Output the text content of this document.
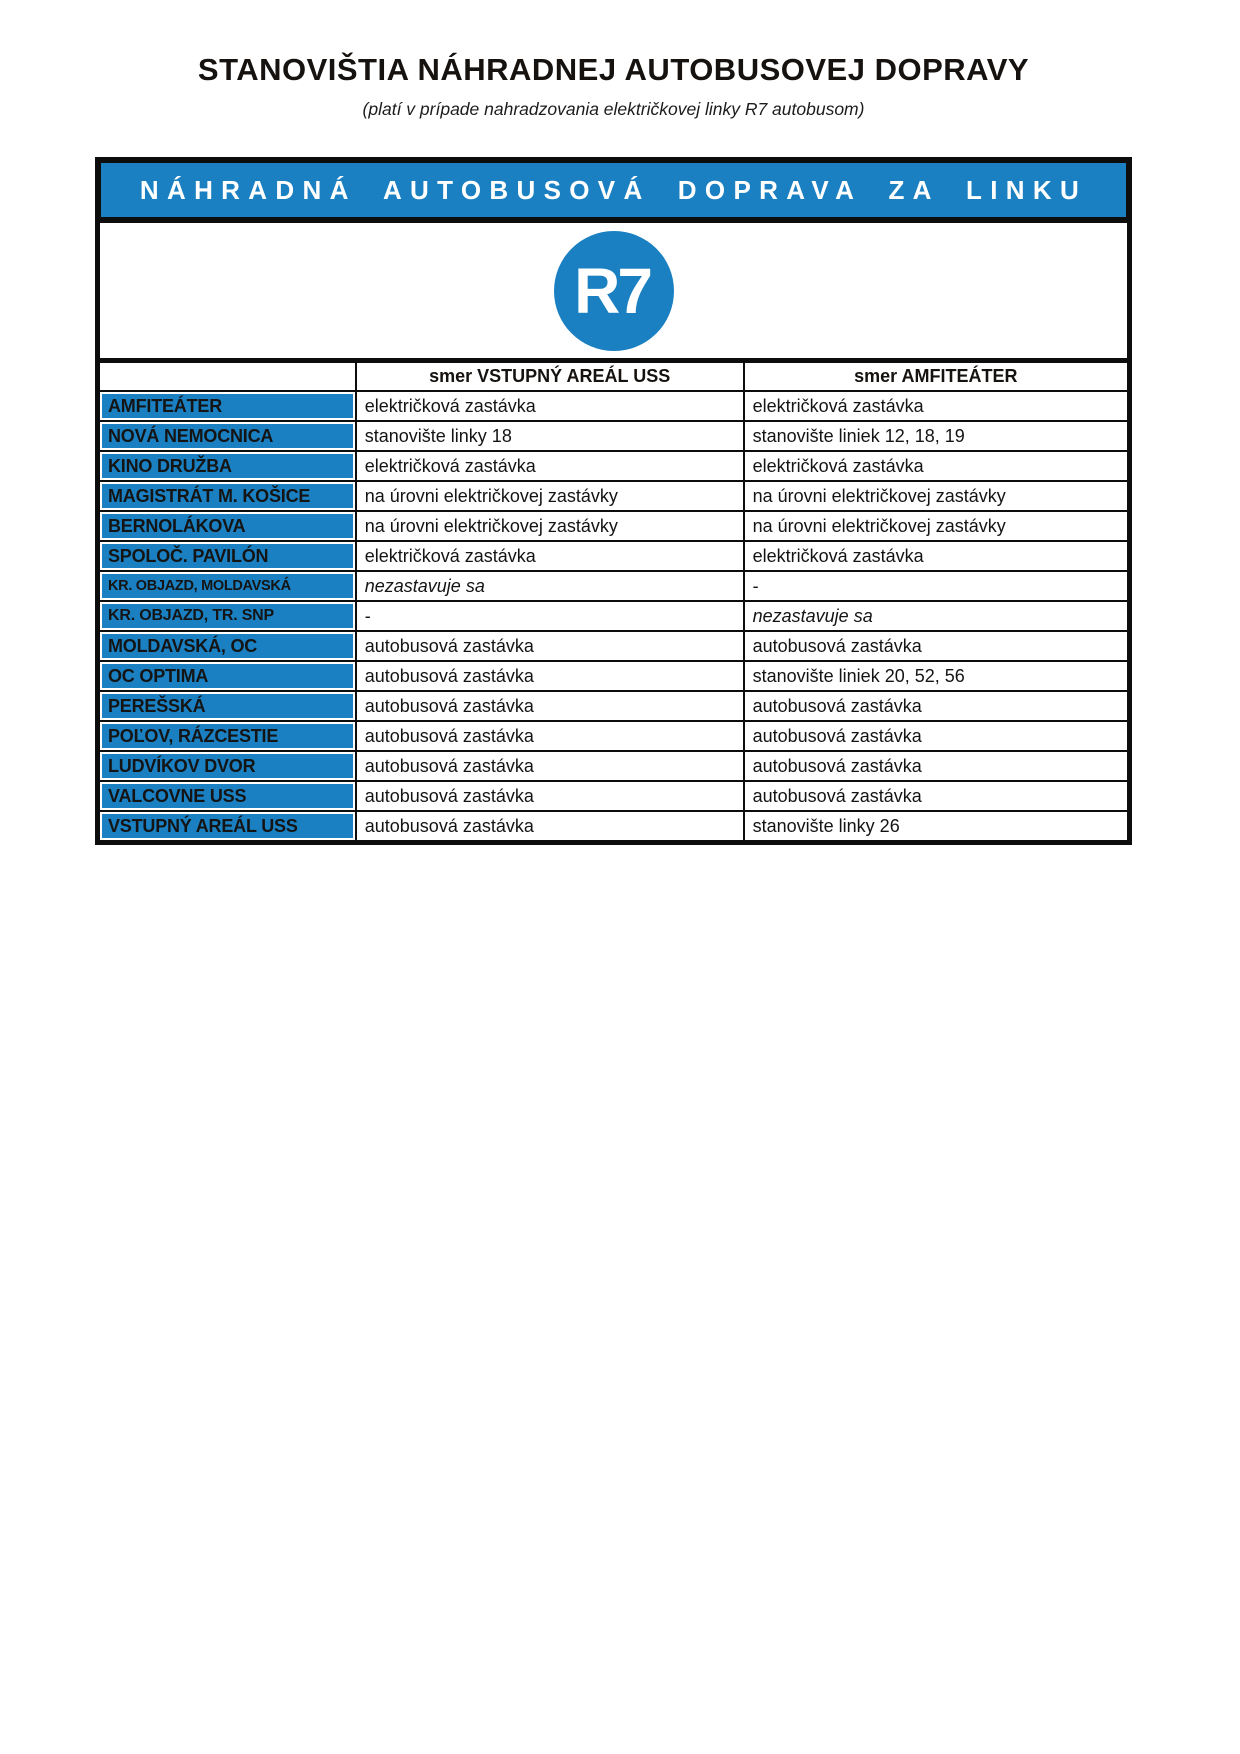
STANOVIŠTIA NÁHRADNEJ AUTOBUSOVEJ DOPRAVY
(platí v prípade nahradzovania električkovej linky R7 autobusom)
NÁHRADNÁ AUTOBUSOVÁ DOPRAVA ZA LINKU
R7
	smer VSTUPNÝ AREÁL USS	smer AMFITEÁTER
AMFITEÁTER	električková zastávka	električková zastávka
NOVÁ NEMOCNICA	stanovište linky 18	stanovište liniek 12, 18, 19
KINO DRUŽBA	električková zastávka	električková zastávka
MAGISTRÁT M. KOŠICE	na úrovni električkovej zastávky	na úrovni električkovej zastávky
BERNOLÁKOVA	na úrovni električkovej zastávky	na úrovni električkovej zastávky
SPOLOČ. PAVILÓN	električková zastávka	električková zastávka
KR. OBJAZD, MOLDAVSKÁ	nezastavuje sa	-
KR. OBJAZD, TR. SNP	-	nezastavuje sa
MOLDAVSKÁ, OC	autobusová zastávka	autobusová zastávka
OC OPTIMA	autobusová zastávka	stanovište liniek 20, 52, 56
PEREŠSKÁ	autobusová zastávka	autobusová zastávka
POĽOV, RÁZCESTIE	autobusová zastávka	autobusová zastávka
LUDVÍKOV DVOR	autobusová zastávka	autobusová zastávka
VALCOVNE USS	autobusová zastávka	autobusová zastávka
VSTUPNÝ AREÁL USS	autobusová zastávka	stanovište linky 26
